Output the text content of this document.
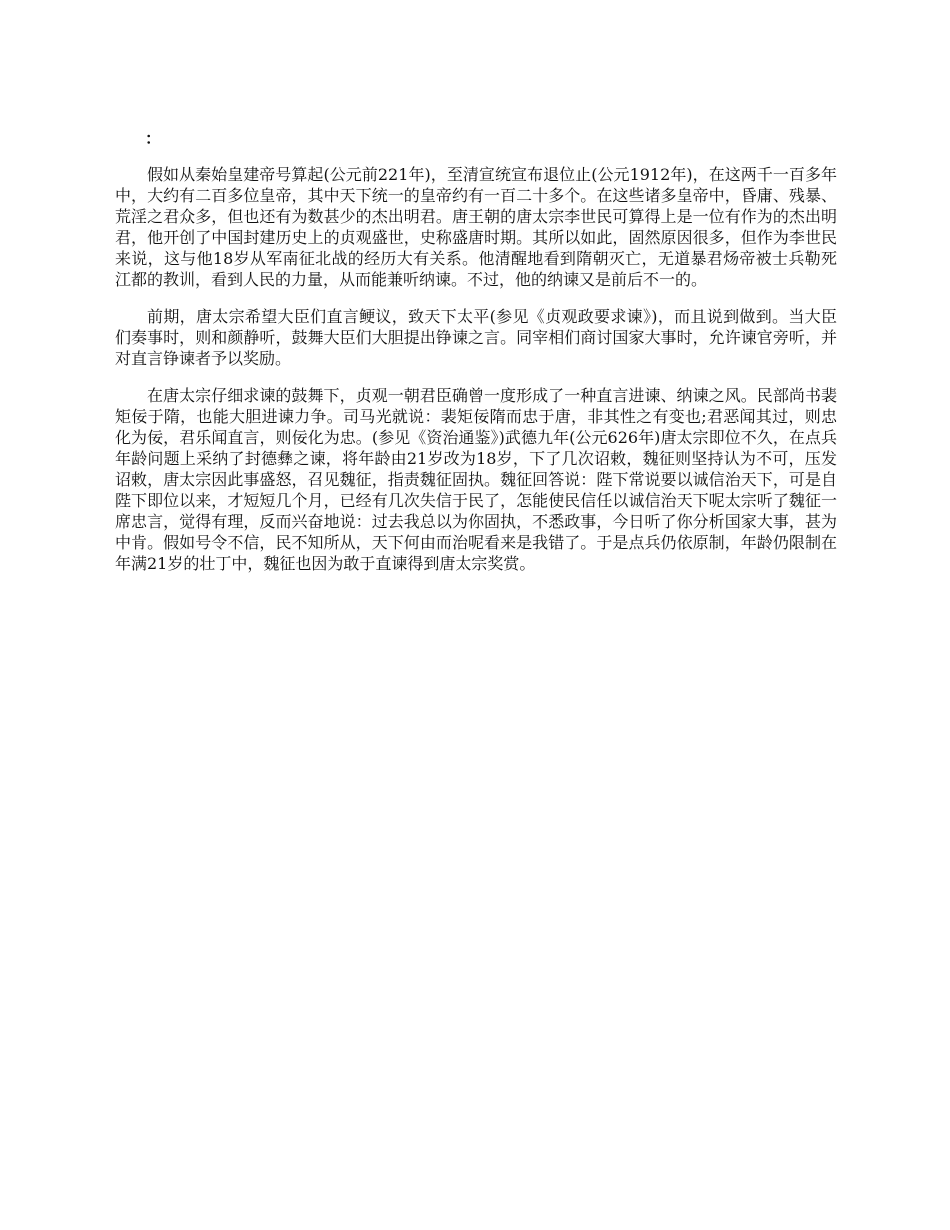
：

假如从秦始皇建帝号算起(公元前221年)，至清宣统宣布退位止(公元1912年)，在这两千一百多年中，大约有二百多位皇帝，其中天下统一的皇帝约有一百二十多个。在这些诸多皇帝中，昏庸、残暴、荒淫之君众多，但也还有为数甚少的杰出明君。唐王朝的唐太宗李世民可算得上是一位有作为的杰出明君，他开创了中国封建历史上的贞观盛世，史称盛唐时期。其所以如此，固然原因很多，但作为李世民来说，这与他18岁从军南征北战的经历大有关系。他清醒地看到隋朝灭亡，无道暴君炀帝被士兵勒死江都的教训，看到人民的力量，从而能兼听纳谏。不过，他的纳谏又是前后不一的。

前期，唐太宗希望大臣们直言鲠议，致天下太平(参见《贞观政要求谏》)，而且说到做到。当大臣们奏事时，则和颜静听，鼓舞大臣们大胆提出铮谏之言。同宰相们商讨国家大事时，允许谏官旁听，并对直言铮谏者予以奖励。

在唐太宗仔细求谏的鼓舞下，贞观一朝君臣确曾一度形成了一种直言进谏、纳谏之风。民部尚书裴矩佞于隋，也能大胆进谏力争。司马光就说：裴矩佞隋而忠于唐，非其性之有变也;君恶闻其过，则忠化为佞，君乐闻直言，则佞化为忠。(参见《资治通鉴》)武德九年(公元626年)唐太宗即位不久，在点兵年龄问题上采纳了封德彝之谏，将年龄由21岁改为18岁，下了几次诏敕，魏征则坚持认为不可，压发诏敕，唐太宗因此事盛怒，召见魏征，指责魏征固执。魏征回答说：陛下常说要以诚信治天下，可是自陛下即位以来，才短短几个月，已经有几次失信于民了，怎能使民信任以诚信治天下呢太宗听了魏征一席忠言，觉得有理，反而兴奋地说：过去我总以为你固执，不悉政事，今日听了你分析国家大事，甚为中肯。假如号令不信，民不知所从，天下何由而治呢看来是我错了。于是点兵仍依原制，年龄仍限制在年满21岁的壮丁中，魏征也因为敢于直谏得到唐太宗奖赏。
